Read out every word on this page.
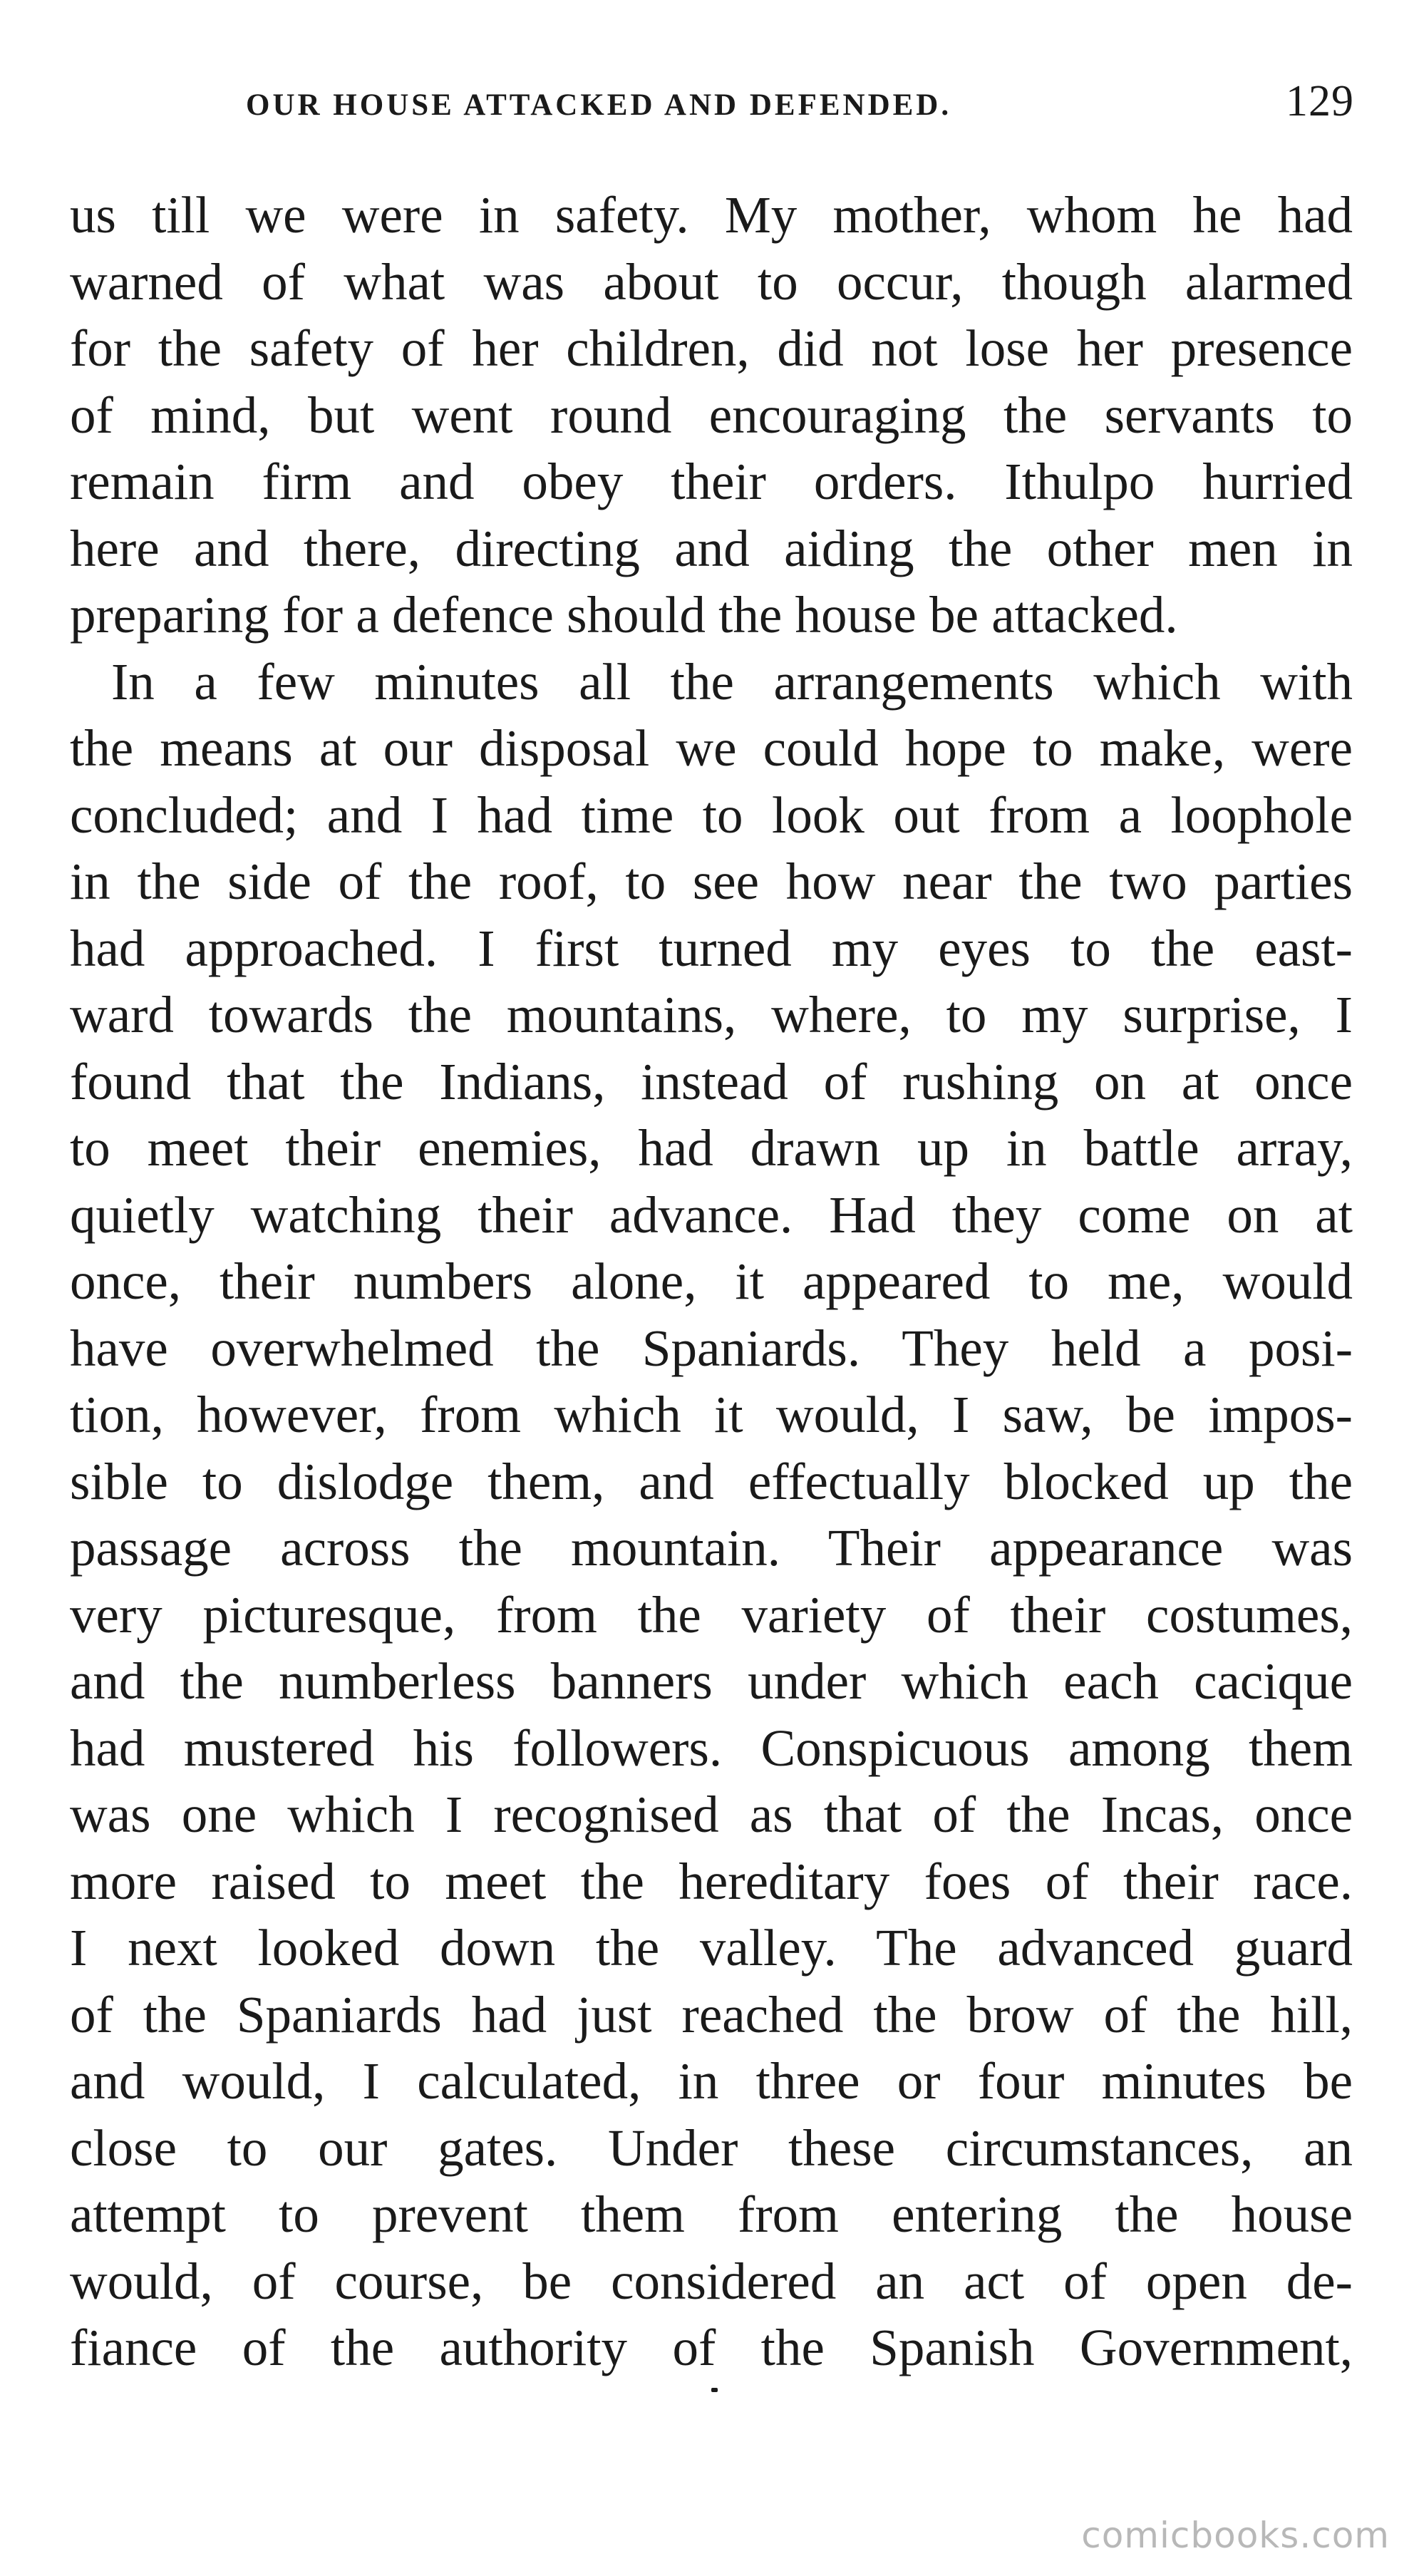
OUR HOUSE ATTACKED AND DEFENDED.	129
us till we were in safety. My mother, whom he had
warned of what was about to occur, though alarmed
for the safety of her children, did not lose her presence
of mind, but went round encouraging the servants to
remain firm and obey their orders. Ithulpo hurried
here and there, directing and aiding the other men in
preparing for a defence should the house be attacked.
In a few minutes all the arrangements which with
the means at our disposal we could hope to make, were
concluded; and I had time to look out from a loophole
in the side of the roof, to see how near the two parties
had approached. I first turned my eyes to the east-
ward towards the mountains, where, to my surprise, I
found that the Indians, instead of rushing on at once
to meet their enemies, had drawn up in battle array,
quietly watching their advance. Had they come on at
once, their numbers alone, it appeared to me, would
have overwhelmed the Spaniards. They held a posi-
tion, however, from which it would, I saw, be impos-
sible to dislodge them, and effectually blocked up the
passage across the mountain. Their appearance was
very picturesque, from the variety of their costumes,
and the numberless banners under which each cacique
had mustered his followers. Conspicuous among them
was one which I recognised as that of the Incas, once
more raised to meet the hereditary foes of their race.
I next looked down the valley. The advanced guard
of the Spaniards had just reached the brow of the hill,
and would, I calculated, in three or four minutes be
close to our gates. Under these circumstances, an
attempt to prevent them from entering the house
would, of course, be considered an act of open de-
fiance of the authority of the Spanish Government,
comicbooks.com
